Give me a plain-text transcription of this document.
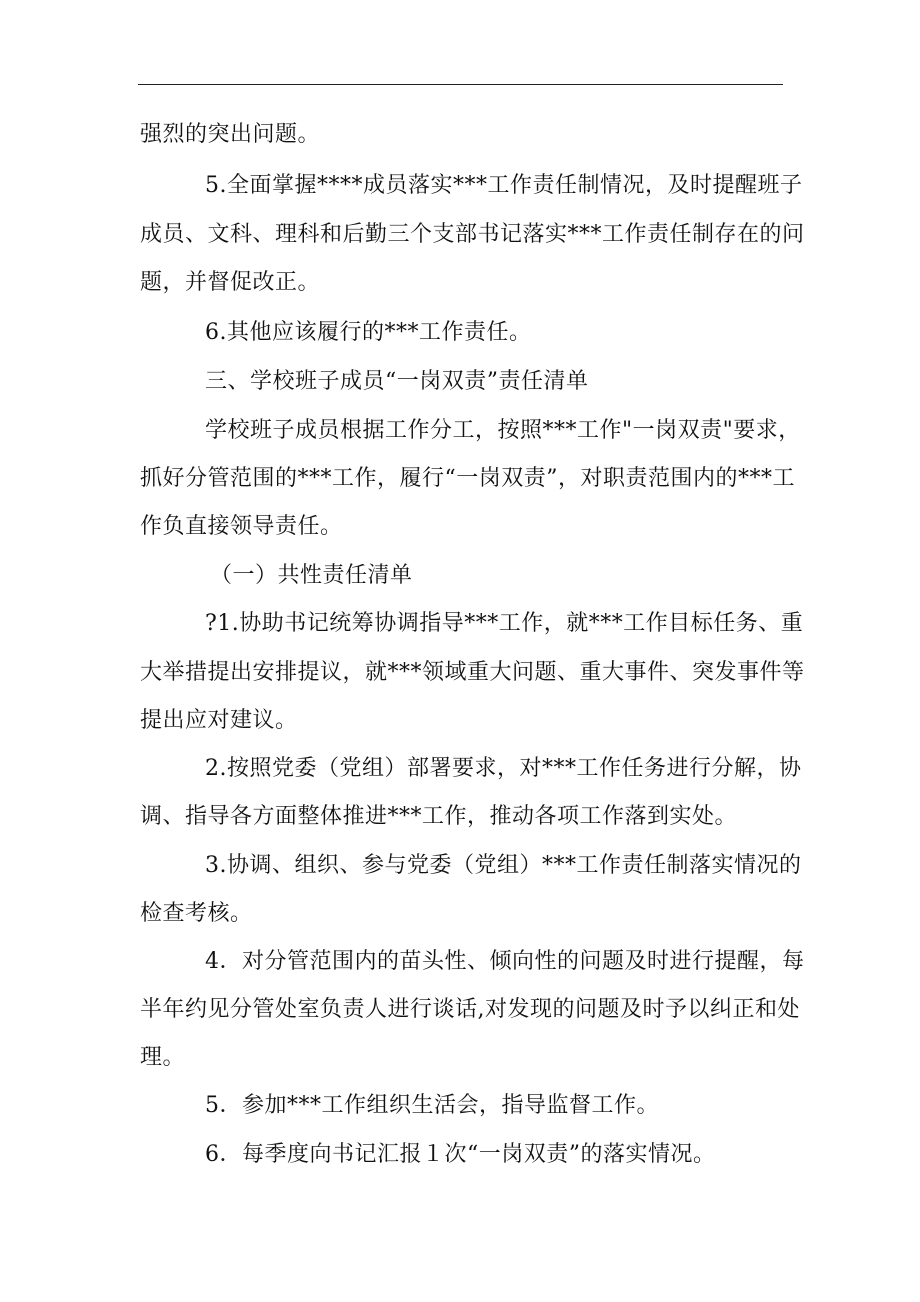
强烈的突出问题。
5.全面掌握****成员落实***工作责任制情况，及时提醒班子
成员、文科、理科和后勤三个支部书记落实***工作责任制存在的问
题，并督促改正。
6.其他应该履行的***工作责任。
三、学校班子成员“一岗双责”责任清单
学校班子成员根据工作分工，按照***工作"一岗双责"要求，
抓好分管范围的***工作，履行“一岗双责”，对职责范围内的***工
作负直接领导责任。
（一）共性责任清单
?1.协助书记统筹协调指导***工作，就***工作目标任务、重
大举措提出安排提议，就***领域重大问题、重大事件、突发事件等
提出应对建议。
2.按照党委（党组）部署要求，对***工作任务进行分解，协
调、指导各方面整体推进***工作，推动各项工作落到实处。
3.协调、组织、参与党委（党组）***工作责任制落实情况的
检查考核。
4．对分管范围内的苗头性、倾向性的问题及时进行提醒，每
半年约见分管处室负责人进行谈话,对发现的问题及时予以纠正和处
理。
5．参加***工作组织生活会，指导监督工作。
6．每季度向书记汇报１次“一岗双责”的落实情况。
